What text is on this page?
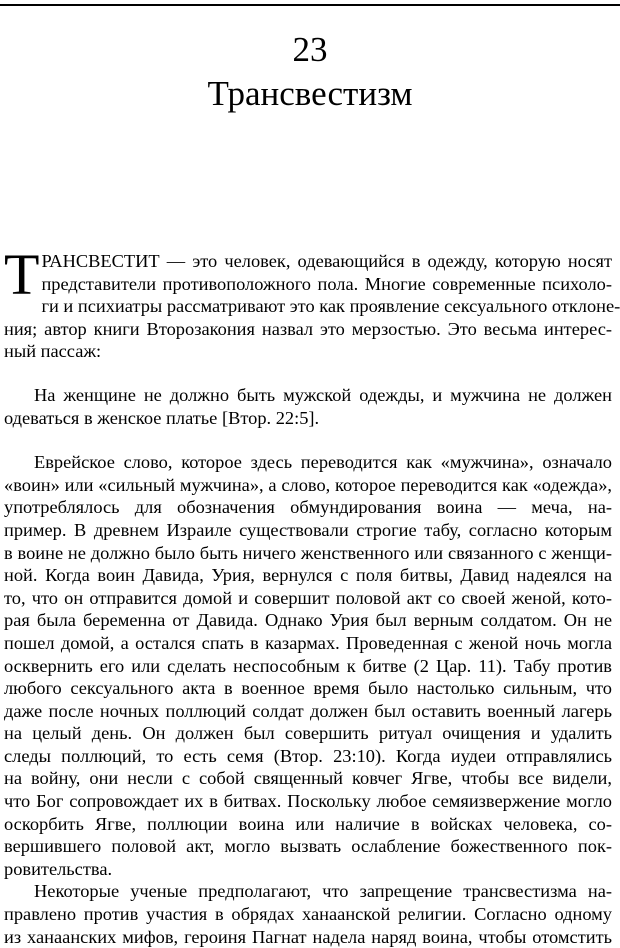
23
Трансвестизм
Т РАНСВЕСТИТ — это человек, одевающийся в одежду, которую носят
представители противоположного пола. Многие современные психоло-
ги и психиатры рассматривают это как проявление сексуального отклоне-
ния; автор книги Второзакония назвал это мерзостью. Это весьма интерес-
ный пассаж:
На женщине не должно быть мужской одежды, и мужчина не должен
одеваться в женское платье [Втор. 22:5].
Еврейское слово, которое здесь переводится как «мужчина», означало
«воин» или «сильный мужчина», а слово, которое переводится как «одежда»,
употреблялось для обозначения обмундирования воина — меча, на-
пример. В древнем Израиле существовали строгие табу, согласно которым
в воине не должно было быть ничего женственного или связанного с женщи-
ной. Когда воин Давида, Урия, вернулся с поля битвы, Давид надеялся на
то, что он отправится домой и совершит половой акт со своей женой, кото-
рая была беременна от Давида. Однако Урия был верным солдатом. Он не
пошел домой, а остался спать в казармах. Проведенная с женой ночь могла
осквернить его или сделать неспособным к битве (2 Цар. 11). Табу против
любого сексуального акта в военное время было настолько сильным, что
даже после ночных поллюций солдат должен был оставить военный лагерь
на целый день. Он должен был совершить ритуал очищения и удалить
следы поллюций, то есть семя (Втор. 23:10). Когда иудеи отправлялись
на войну, они несли с собой священный ковчег Ягве, чтобы все видели,
что Бог сопровождает их в битвах. Поскольку любое семяизвержение могло
оскорбить Ягве, поллюции воина или наличие в войсках человека, со-
вершившего половой акт, могло вызвать ослабление божественного пок-
ровительства.
Некоторые ученые предполагают, что запрещение трансвестизма на-
правлено против участия в обрядах ханаанской религии. Согласно одному
из ханаанских мифов, героиня Пагнат надела наряд воина, чтобы отомстить
